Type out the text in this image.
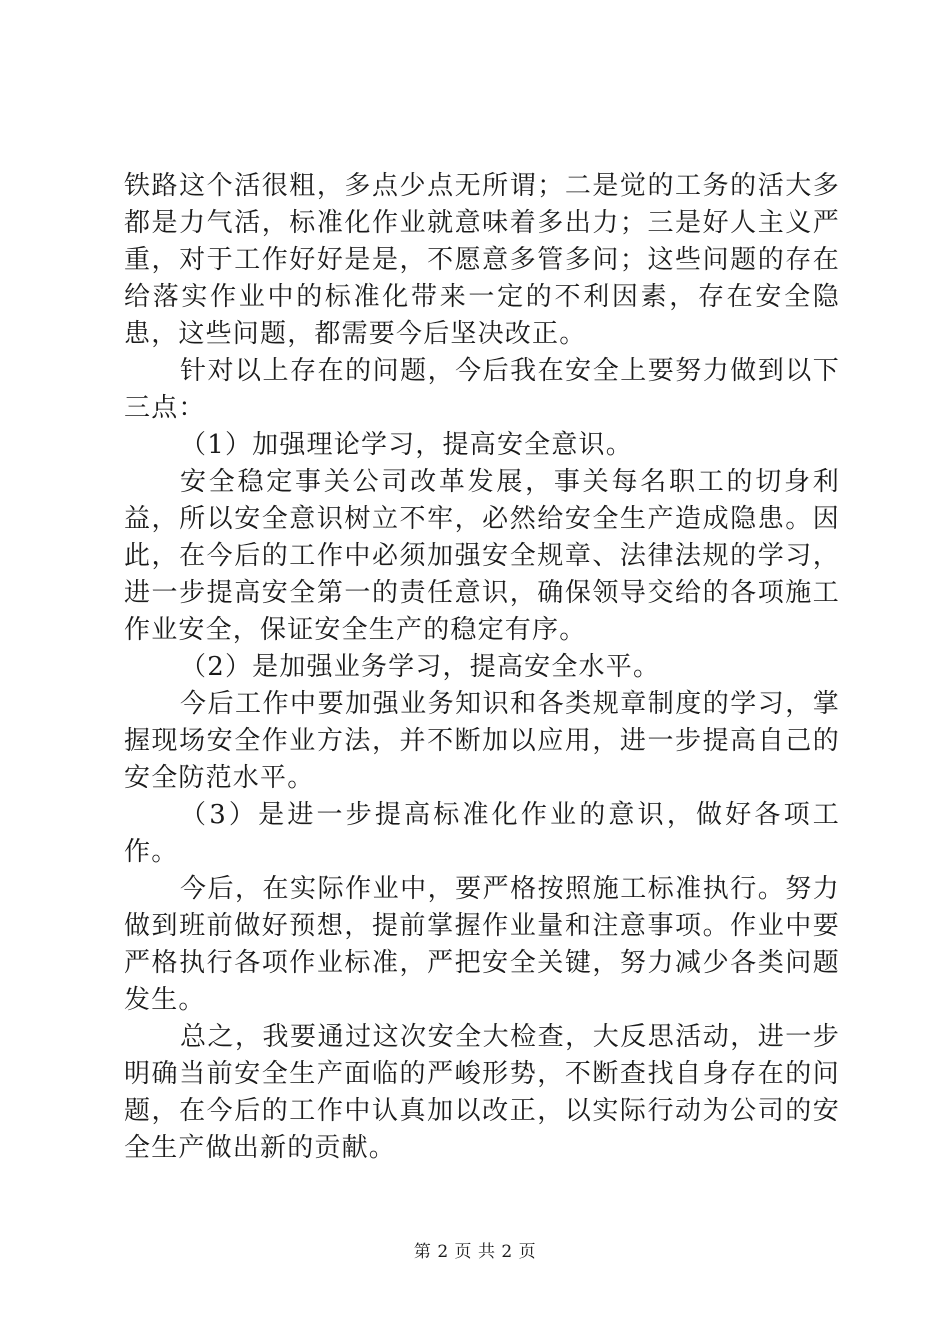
铁路这个活很粗，多点少点无所谓；二是觉的工务的活大多都是力气活，标准化作业就意味着多出力；三是好人主义严重，对于工作好好是是，不愿意多管多问；这些问题的存在给落实作业中的标准化带来一定的不利因素，存在安全隐患，这些问题，都需要今后坚决改正。

针对以上存在的问题，今后我在安全上要努力做到以下三点：

（1）加强理论学习，提高安全意识。

安全稳定事关公司改革发展，事关每名职工的切身利益，所以安全意识树立不牢，必然给安全生产造成隐患。因此，在今后的工作中必须加强安全规章、法律法规的学习，进一步提高安全第一的责任意识，确保领导交给的各项施工作业安全，保证安全生产的稳定有序。

（2）是加强业务学习，提高安全水平。

今后工作中要加强业务知识和各类规章制度的学习，掌握现场安全作业方法，并不断加以应用，进一步提高自己的安全防范水平。

（3）是进一步提高标准化作业的意识，做好各项工作。

今后，在实际作业中，要严格按照施工标准执行。努力做到班前做好预想，提前掌握作业量和注意事项。作业中要严格执行各项作业标准，严把安全关键，努力减少各类问题发生。

总之，我要通过这次安全大检查，大反思活动，进一步明确当前安全生产面临的严峻形势，不断查找自身存在的问题，在今后的工作中认真加以改正，以实际行动为公司的安全生产做出新的贡献。

第 2 页 共 2 页
